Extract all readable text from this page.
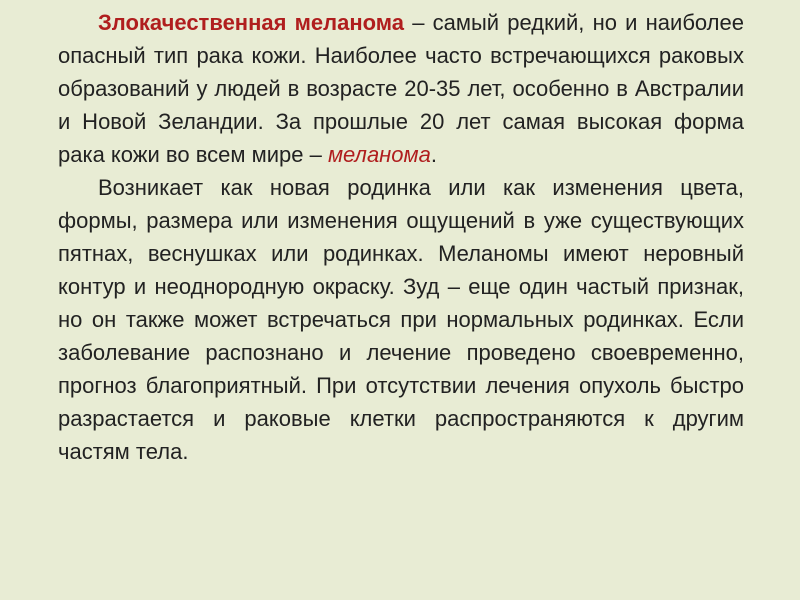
Злокачественная меланома – самый редкий, но и наиболее опасный тип рака кожи. Наиболее часто встречающихся раковых образований у людей в возрасте 20-35 лет, особенно в Австралии и Новой Зеландии. За прошлые 20 лет самая высокая форма рака кожи во всем мире – меланома.

Возникает как новая родинка или как изменения цвета, формы, размера или изменения ощущений в уже существующих пятнах, веснушках или родинках. Меланомы имеют неровный контур и неоднородную окраску. Зуд – еще один частый признак, но он также может встречаться при нормальных родинках. Если заболевание распознано и лечение проведено своевременно, прогноз благоприятный. При отсутствии лечения опухоль быстро разрастается и раковые клетки распространяются к другим частям тела.
